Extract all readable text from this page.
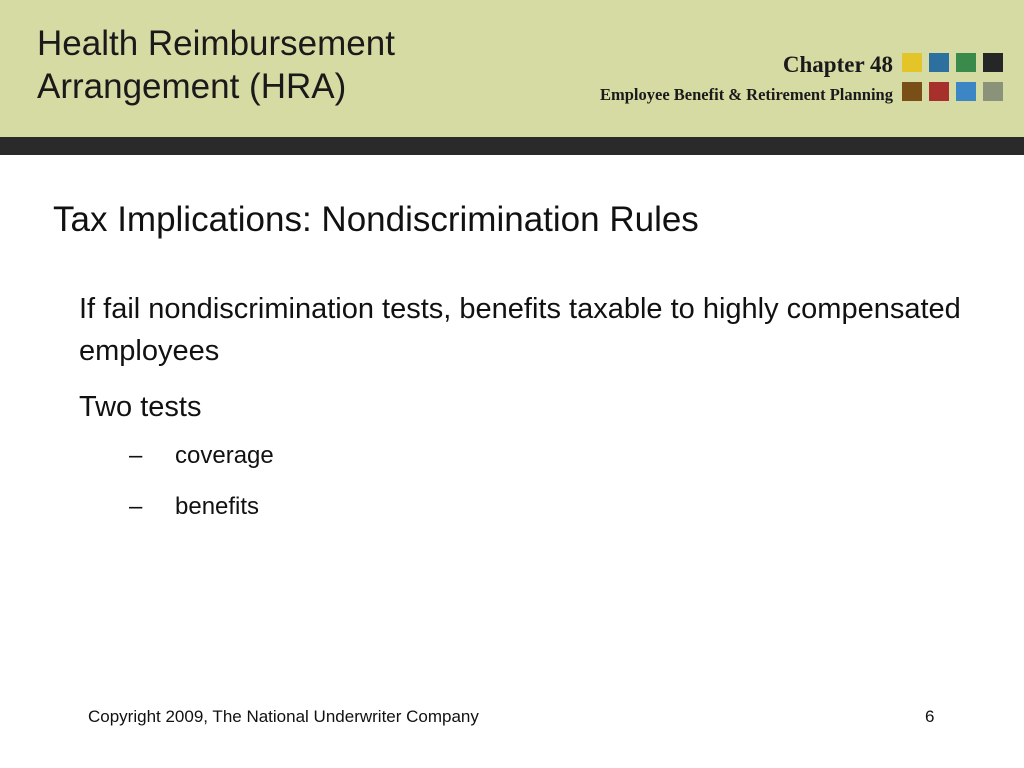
Health Reimbursement
Arrangement (HRA)

Chapter 48

Employee Benefit & Retirement Planning

Tax Implications: Nondiscrimination Rules

If fail nondiscrimination tests, benefits taxable to highly compensated employees

Two tests

– coverage
– benefits

Copyright 2009, The National Underwriter Company	6
